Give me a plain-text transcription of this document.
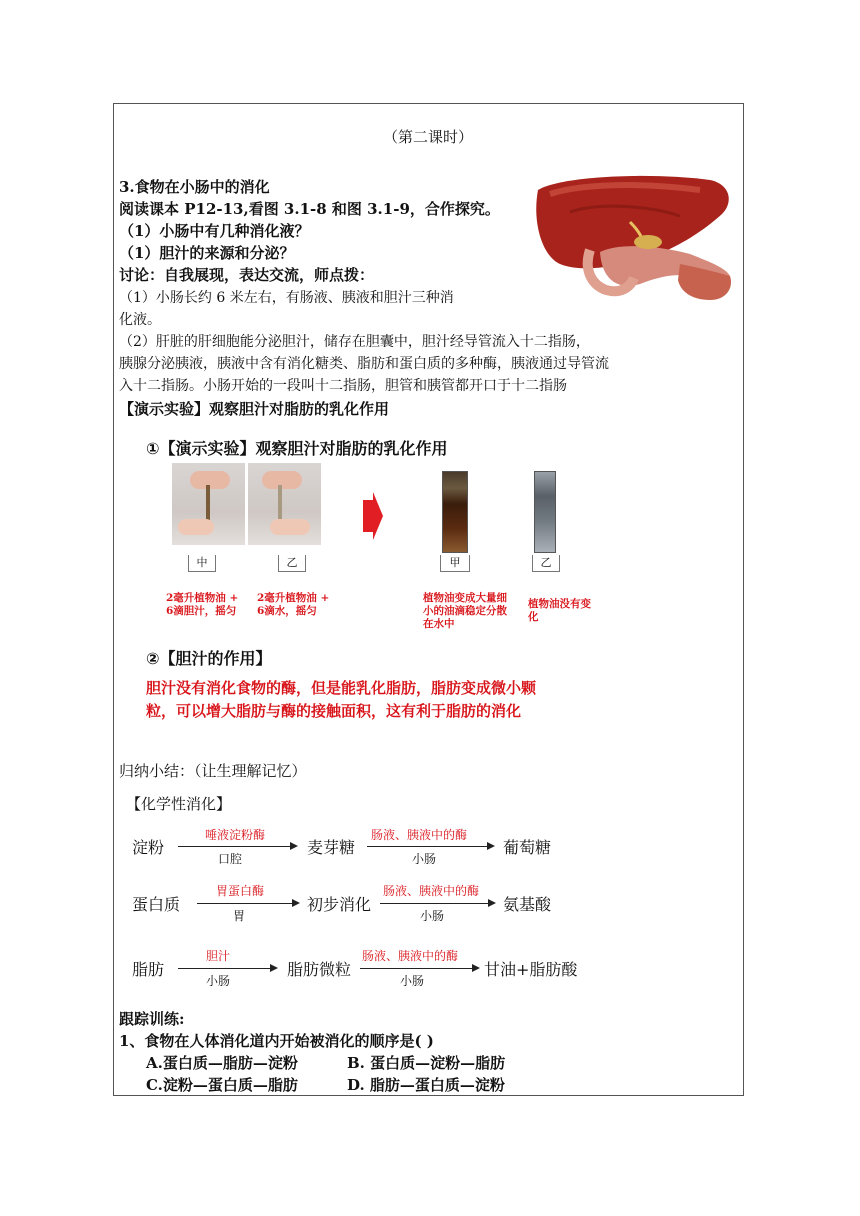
（第二课时）
3.食物在小肠中的消化
阅读课本 P12-13,看图 3.1-8 和图 3.1-9，合作探究。
（1）小肠中有几种消化液？
（1）胆汁的来源和分泌？
讨论：自我展现，表达交流，师点拨：
（1）小肠长约 6 米左右，有肠液、胰液和胆汁三种消
化液。
（2）肝脏的肝细胞能分泌胆汁，储存在胆囊中，胆汁经导管流入十二指肠，
胰腺分泌胰液，胰液中含有消化糖类、脂肪和蛋白质的多种酶，胰液通过导管流
入十二指肠。小肠开始的一段叫十二指肠，胆管和胰管都开口于十二指肠
【演示实验】观察胆汁对脂肪的乳化作用
①【演示实验】观察胆汁对脂肪的乳化作用
中	乙	甲	乙
2毫升植物油 + 6滴胆汁，摇匀
2毫升植物油 + 6滴水，摇匀
植物油变成大量细小的油滴稳定分散在水中
植物油没有变化
②【胆汁的作用】
胆汁没有消化食物的酶，但是能乳化脂肪，脂肪变成微小颗
粒，可以增大脂肪与酶的接触面积，这有利于脂肪的消化
归纳小结：（让生理解记忆）
【化学性消化】
淀粉
唾液淀粉酶
口腔
麦芽糖
肠液、胰液中的酶
小肠
葡萄糖
蛋白质
胃蛋白酶
胃
初步消化
肠液、胰液中的酶
小肠
氨基酸
脂肪
胆汁
小肠
脂肪微粒
肠液、胰液中的酶
小肠
甘油+脂肪酸
跟踪训练:
1、食物在人体消化道内开始被消化的顺序是( )
A.蛋白质—脂肪—淀粉	B. 蛋白质—淀粉—脂肪
C.淀粉—蛋白质—脂肪	D. 脂肪—蛋白质—淀粉
